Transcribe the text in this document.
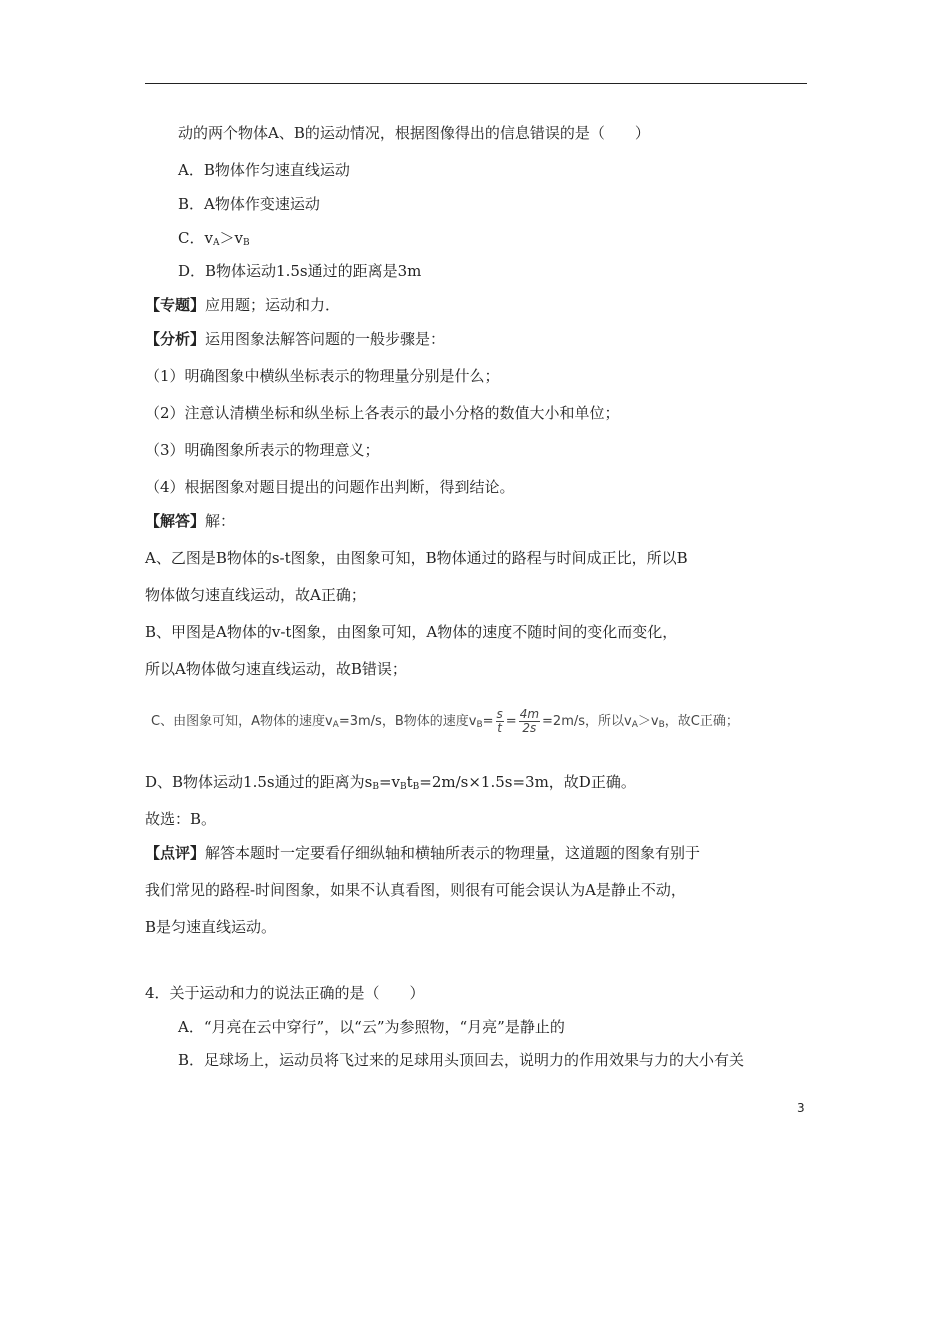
动的两个物体A、B的运动情况，根据图像得出的信息错误的是（　　）
A．B物体作匀速直线运动
B．A物体作变速运动
C．$v_A>v_B$
D．B物体运动1.5s通过的距离是3m
【专题】应用题；运动和力．
【分析】运用图象法解答问题的一般步骤是：
（1）明确图象中横纵坐标表示的物理量分别是什么；
（2）注意认清横坐标和纵坐标上各表示的最小分格的数值大小和单位；
（3）明确图象所表示的物理意义；
（4）根据图象对题目提出的问题作出判断，得到结论。
【解答】解：
A、乙图是B物体的s-t图象，由图象可知，B物体通过的路程与时间成正比，所以B
物体做匀速直线运动，故A正确；
B、甲图是A物体的v-t图象，由图象可知，A物体的速度不随时间的变化而变化，
所以A物体做匀速直线运动，故B错误；
C、由图象可知，A物体的速度$v_A=3m/s$，B物体的速度$v_B= \frac{s}{t} = \frac{4m}{2s} =2m/s$，所以$v_A>v_B$，故C正确；
D、B物体运动1.5s通过的距离为$s_B=v_Bt_B=2m/s\times 1.5s=3m$，故D正确。
故选：B。
【点评】解答本题时一定要看仔细纵轴和横轴所表示的物理量，这道题的图象有别于
我们常见的路程-时间图象，如果不认真看图，则很有可能会误认为A是静止不动，
B是匀速直线运动。
4．关于运动和力的说法正确的是（　　）
A．“月亮在云中穿行”，以“云”为参照物，“月亮”是静止的
B．足球场上，运动员将飞过来的足球用头顶回去，说明力的作用效果与力的大小有关
3
